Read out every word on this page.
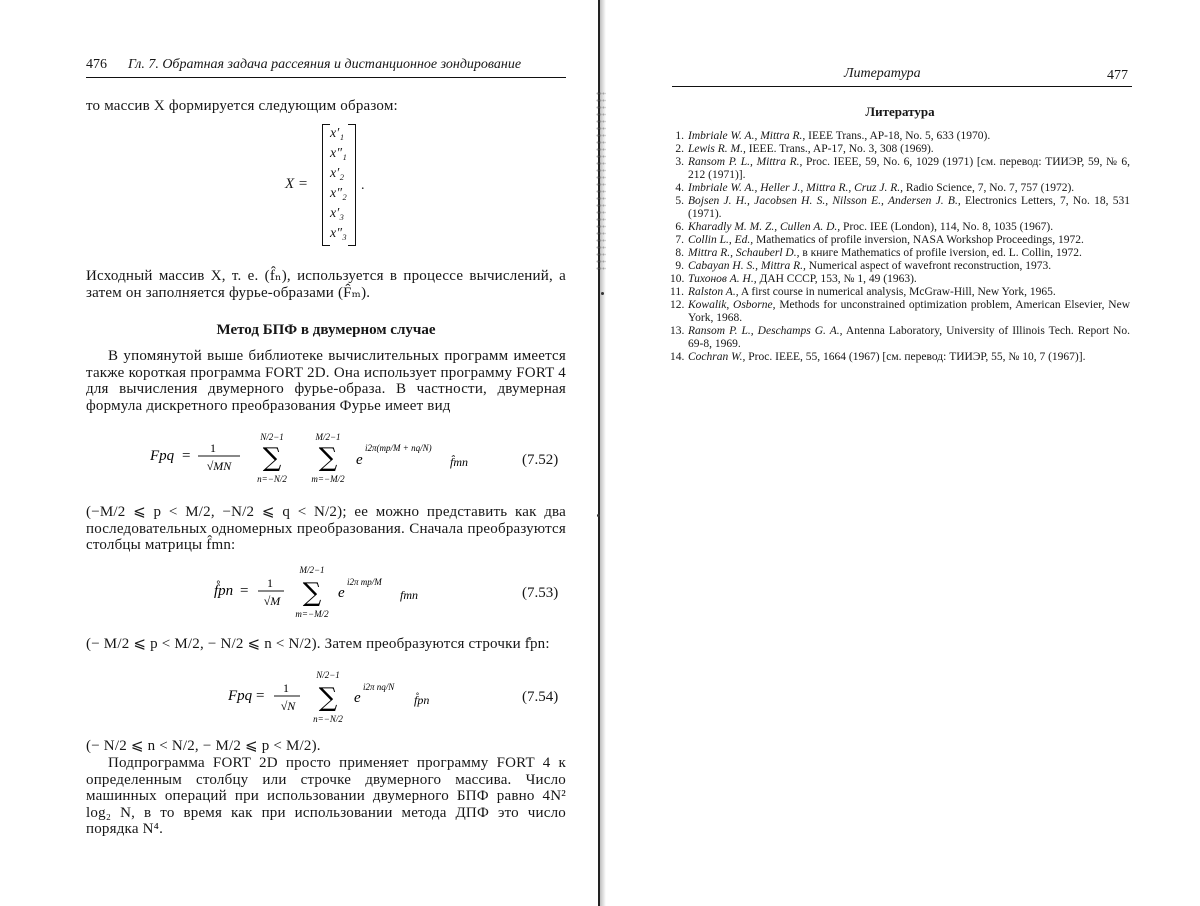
476 Гл. 7. Обратная задача рассеяния и дистанционное зондирование
то массив X формируется следующим образом:
X =
x′₁
x″₁
x′₂
x″₂
x′₃
x″₃
.
Исходный массив X, т. е. (f̂ₙ), используется в процессе вычислений, а затем он заполняется фурье-образами (F̂ₘ).
Метод БПФ в двумерном случае
В упомянутой выше библиотеке вычислительных программ имеется также короткая программа FORT 2D. Она использует программу FORT 4 для вычисления двумерного фурье-образа. В частности, двумерная формула дискретного преобразования Фурье имеет вид
Fpq = 1
√MN
N/2−1
∑
n=−N/2
M/2−1
∑
m=−M/2
e
i2π(mp/M + nq/N)
f̂mn	(7.52)
(−M/2 ⩽ p < M/2, −N/2 ⩽ q < N/2); ее можно представить как два последовательных одномерных преобразования. Сначала преобразуются столбцы матрицы f̂mn:
f̊pn = 1
√M
M/2−1
∑
m=−M/2
e
i2π mp/M
fmn	(7.53)
(− M/2 ⩽ p < M/2, − N/2 ⩽ n < N/2). Затем преобразуются строчки f̊pn:
Fpq = 1
√N
N/2−1
∑
n=−N/2
e
i2π nq/N
f̊pn	(7.54)
(− N/2 ⩽ n < N/2, − M/2 ⩽ p < M/2).
Подпрограмма FORT 2D просто применяет программу FORT 4 к определенным столбцу или строчке двумерного массива. Число машинных операций при использовании двумерного БПФ равно 4N² log₂ N, в то время как при использовании метода ДПФ это число порядка N⁴.
Литература	477
Литература
1. Imbriale W. A., Mittra R., IEEE Trans., AP-18, No. 5, 633 (1970).
2. Lewis R. M., IEEE. Trans., AP-17, No. 3, 308 (1969).
3. Ransom P. L., Mittra R., Proc. IEEE, 59, No. 6, 1029 (1971) [см. перевод: ТИИЭР, 59, № 6, 212 (1971)].
4. Imbriale W. A., Heller J., Mittra R., Cruz J. R., Radio Science, 7, No. 7, 757 (1972).
5. Bojsen J. H., Jacobsen H. S., Nilsson E., Andersen J. B., Electronics Letters, 7, No. 18, 531 (1971).
6. Kharadly M. M. Z., Cullen A. D., Proc. IEE (London), 114, No. 8, 1035 (1967).
7. Collin L., Ed., Mathematics of profile inversion, NASA Workshop Proceedings, 1972.
8. Mittra R., Schauberl D., в книге Mathematics of profile iversion, ed. L. Collin, 1972.
9. Cabayan H. S., Mittra R., Numerical aspect of wavefront reconstruction, 1973.
10. Тихонов А. Н., ДАН СССР, 153, № 1, 49 (1963).
11. Ralston A., A first course in numerical analysis, McGraw-Hill, New York, 1965.
12. Kowalik, Osborne, Methods for unconstrained optimization problem, American Elsevier, New York, 1968.
13. Ransom P. L., Deschamps G. A., Antenna Laboratory, University of Illinois Tech. Report No. 69-8, 1969.
14. Cochran W., Proc. IEEE, 55, 1664 (1967) [см. перевод: ТИИЭР, 55, № 10, 7 (1967)].
